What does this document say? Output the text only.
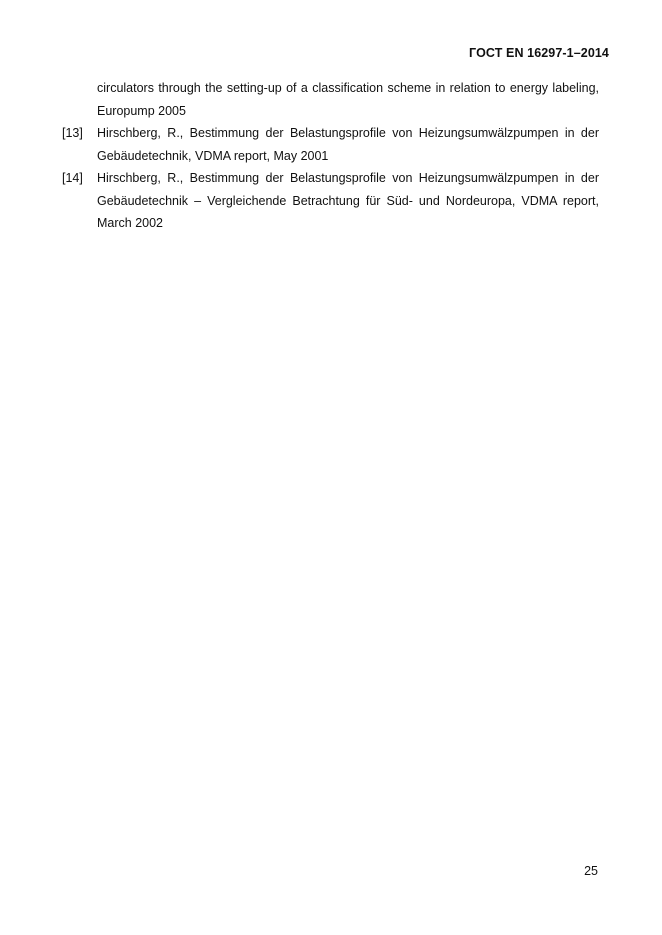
ГОСТ EN 16297-1–2014
circulators through the setting-up of a classification scheme in relation to energy labeling, Europump 2005
[13]	Hirschberg, R., Bestimmung der Belastungsprofile von Heizungsumwälzpumpen in der Gebäudetechnik, VDMA report, May 2001
[14]	Hirschberg, R., Bestimmung der Belastungsprofile von Heizungsumwälzpumpen in der Gebäudetechnik – Vergleichende Betrachtung für Süd- und Nordeuropa, VDMA report, March 2002
25
